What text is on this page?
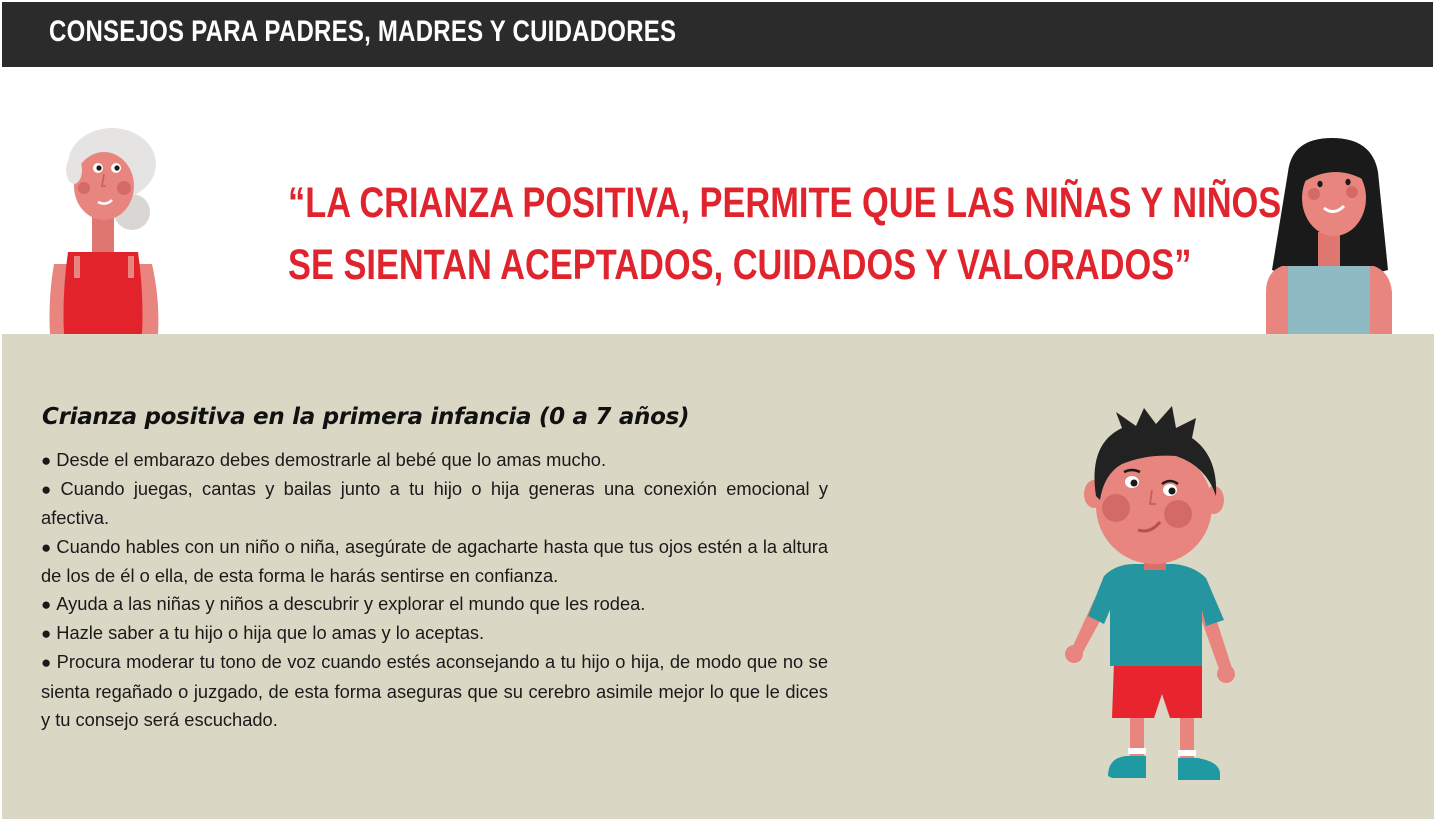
CONSEJOS PARA PADRES, MADRES Y CUIDADORES
“LA CRIANZA POSITIVA, PERMITE QUE LAS NIÑAS Y NIÑOS
SE SIENTAN ACEPTADOS, CUIDADOS Y VALORADOS”
Crianza positiva en la primera infancia (0 a 7 años)
● Desde el embarazo debes demostrarle al bebé que lo amas mucho.
● Cuando juegas, cantas y bailas junto a tu hijo o hija generas una conexión emocional y afectiva.
● Cuando hables con un niño o niña, asegúrate de agacharte hasta que tus ojos estén a la altura de los de él o ella, de esta forma le harás sentirse en confianza.
● Ayuda a las niñas y niños a descubrir y explorar el mundo que les rodea.
● Hazle saber a tu hijo o hija que lo amas y lo aceptas.
● Procura moderar tu tono de voz cuando estés aconsejando a tu hijo o hija, de modo que no se sienta regañado o juzgado, de esta forma aseguras que su cerebro asimile mejor lo que le dices y tu consejo será escuchado.
